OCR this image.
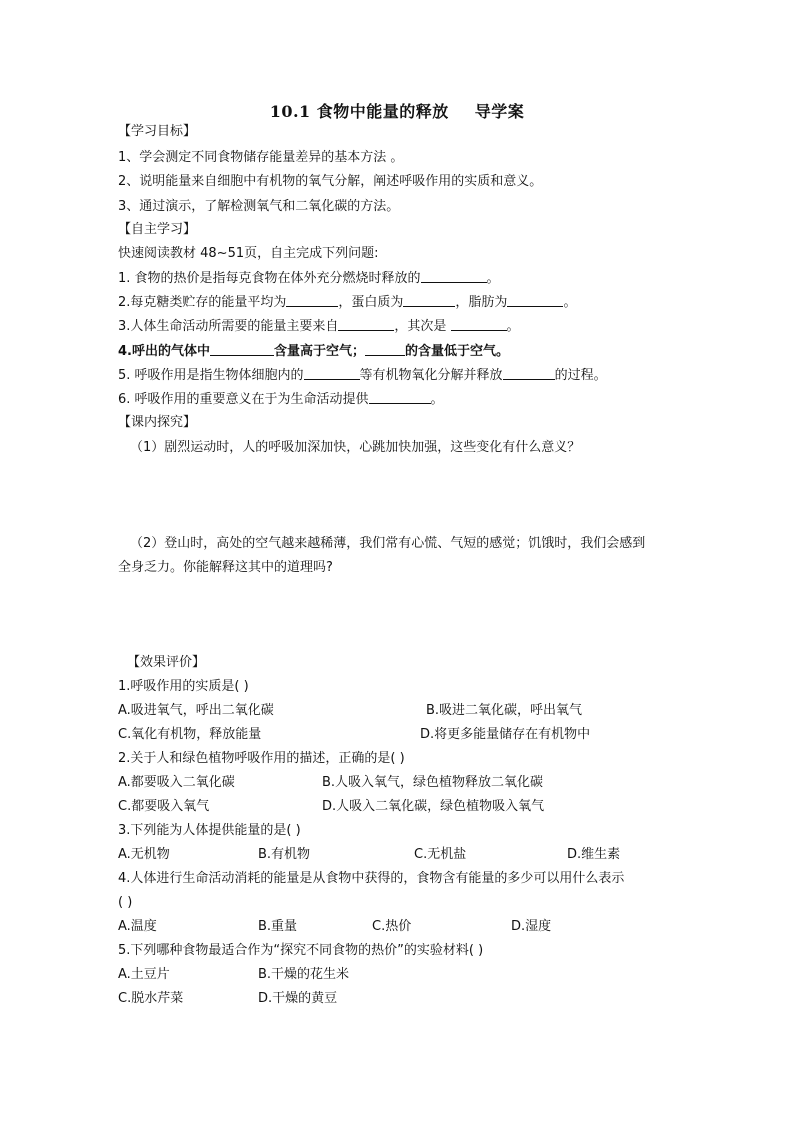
10.1 食物中能量的释放 导学案
【学习目标】
1、学会测定不同食物储存能量差异的基本方法 。
2、说明能量来自细胞中有机物的氧气分解，阐述呼吸作用的实质和意义。
3、通过演示，了解检测氧气和二氧化碳的方法。
【自主学习】
快速阅读教材 48~51页，自主完成下列问题:
1. 食物的热价是指每克食物在体外充分燃烧时释放的	。
2.每克糖类贮存的能量平均为	，蛋白质为	，脂肪为	。
3.人体生命活动所需要的能量主要来自	，其次是	。
4.呼出的气体中	含量高于空气；	的含量低于空气。
5. 呼吸作用是指生物体细胞内的	等有机物氧化分解并释放	的过程。
6. 呼吸作用的重要意义在于为生命活动提供	。
【课内探究】
（1）剧烈运动时，人的呼吸加深加快，心跳加快加强，这些变化有什么意义？
（2）登山时，高处的空气越来越稀薄，我们常有心慌、气短的感觉；饥饿时，我们会感到
全身乏力。你能解释这其中的道理吗?
【效果评价】
1.呼吸作用的实质是( )
A.吸进氧气，呼出二氧化碳	B.吸进二氧化碳，呼出氧气
C.氧化有机物，释放能量	D.将更多能量储存在有机物中
2.关于人和绿色植物呼吸作用的描述，正确的是( )
A.都要吸入二氧化碳	B.人吸入氧气，绿色植物释放二氧化碳
C.都要吸入氧气	D.人吸入二氧化碳，绿色植物吸入氧气
3.下列能为人体提供能量的是( )
A.无机物	B.有机物	C.无机盐	D.维生素
4.人体进行生命活动消耗的能量是从食物中获得的，食物含有能量的多少可以用什么表示
( )
A.温度	B.重量	C.热价	D.湿度
5.下列哪种食物最适合作为“探究不同食物的热价”的实验材料( )
A.土豆片	B.干燥的花生米
C.脱水芹菜	D.干燥的黄豆
